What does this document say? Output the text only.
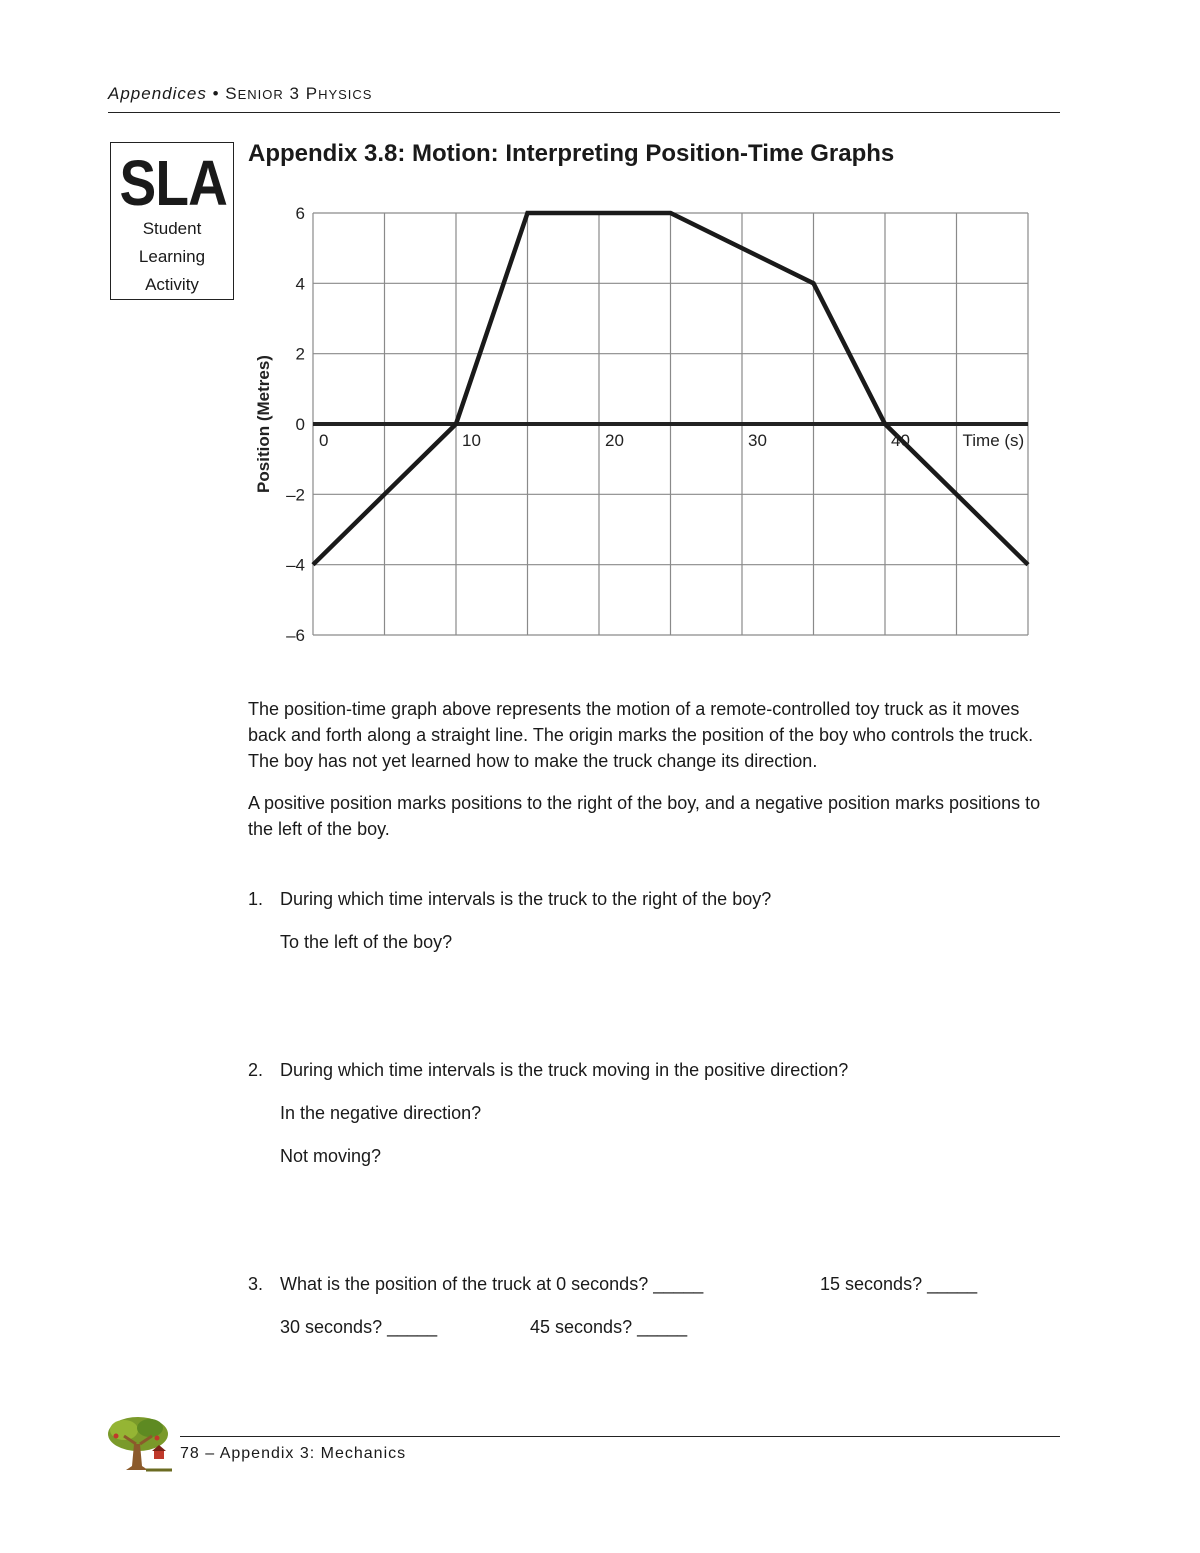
Appendices • SENIOR 3 PHYSICS
SLA
Student
Learning
Activity
Appendix 3.8: Motion: Interpreting Position-Time Graphs
6
4
2
0
–2
–4
–6
0	10	20	30	40	Time (s)
Position (Metres)

The position-time graph above represents the motion of a remote-controlled toy truck as it moves back and forth along a straight line. The origin marks the position of the boy who controls the truck. The boy has not yet learned how to make the truck change its direction.

A positive position marks positions to the right of the boy, and a negative position marks positions to the left of the boy.

1. During which time intervals is the truck to the right of the boy?
To the left of the boy?
2. During which time intervals is the truck moving in the positive direction?
In the negative direction?
Not moving?
3. What is the position of the truck at 0 seconds? _____	15 seconds? _____
30 seconds? _____	45 seconds? _____
78 – Appendix 3: Mechanics
